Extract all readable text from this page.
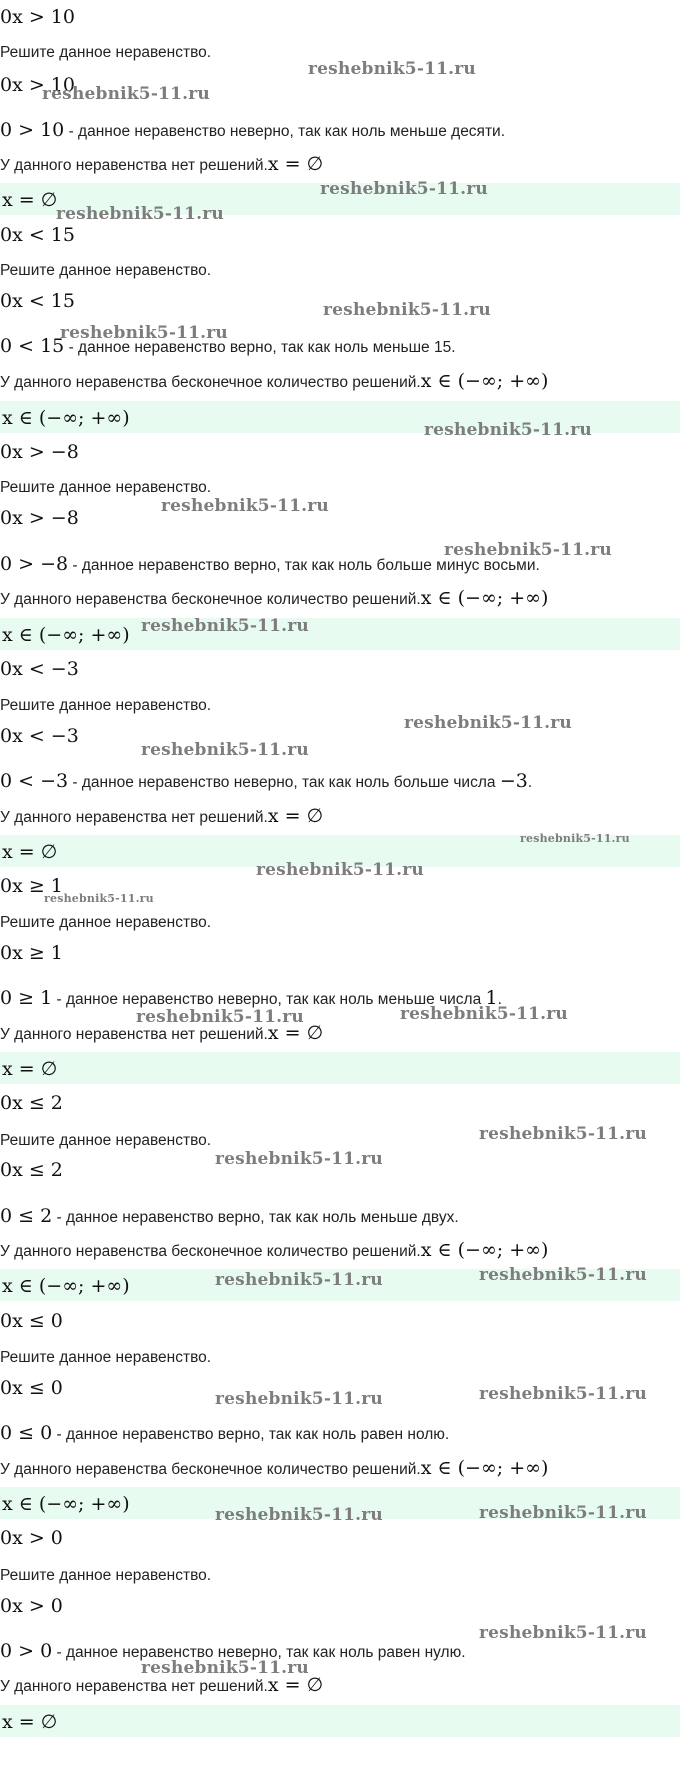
0x > 10
Решите данное неравенство.
0x > 10
0 > 10 - данное неравенство неверно, так как ноль меньше десяти.
У данного неравенства нет решений.x = ∅
x = ∅
0x < 15
Решите данное неравенство.
0x < 15
0 < 15 - данное неравенство верно, так как ноль меньше 15.
У данного неравенства бесконечное количество решений.x ∈ (−∞; +∞)
x ∈ (−∞; +∞)
0x > −8
Решите данное неравенство.
0x > −8
0 > −8 - данное неравенство верно, так как ноль больше минус восьми.
У данного неравенства бесконечное количество решений.x ∈ (−∞; +∞)
x ∈ (−∞; +∞)
0x < −3
Решите данное неравенство.
0x < −3
0 < −3 - данное неравенство неверно, так как ноль больше числа −3.
У данного неравенства нет решений.x = ∅
x = ∅
0x ≥ 1
Решите данное неравенство.
0x ≥ 1
0 ≥ 1 - данное неравенство неверно, так как ноль меньше числа 1.
У данного неравенства нет решений.x = ∅
x = ∅
0x ≤ 2
Решите данное неравенство.
0x ≤ 2
0 ≤ 2 - данное неравенство верно, так как ноль меньше двух.
У данного неравенства бесконечное количество решений.x ∈ (−∞; +∞)
x ∈ (−∞; +∞)
0x ≤ 0
Решите данное неравенство.
0x ≤ 0
0 ≤ 0 - данное неравенство верно, так как ноль равен нолю.
У данного неравенства бесконечное количество решений.x ∈ (−∞; +∞)
x ∈ (−∞; +∞)
0x > 0
Решите данное неравенство.
0x > 0
0 > 0 - данное неравенство неверно, так как ноль равен нулю.
У данного неравенства нет решений.x = ∅
x = ∅
reshebnik5-11.ru
reshebnik5-11.ru
reshebnik5-11.ru
reshebnik5-11.ru
reshebnik5-11.ru
reshebnik5-11.ru
reshebnik5-11.ru
reshebnik5-11.ru
reshebnik5-11.ru
reshebnik5-11.ru
reshebnik5-11.ru
reshebnik5-11.ru
reshebnik5-11.ru
reshebnik5-11.ru
reshebnik5-11.ru
reshebnik5-11.ru	reshebnik5-11.ru
reshebnik5-11.ru
reshebnik5-11.ru
reshebnik5-11.ru	reshebnik5-11.ru
reshebnik5-11.ru	reshebnik5-11.ru
reshebnik5-11.ru	reshebnik5-11.ru
reshebnik5-11.ru
reshebnik5-11.ru
